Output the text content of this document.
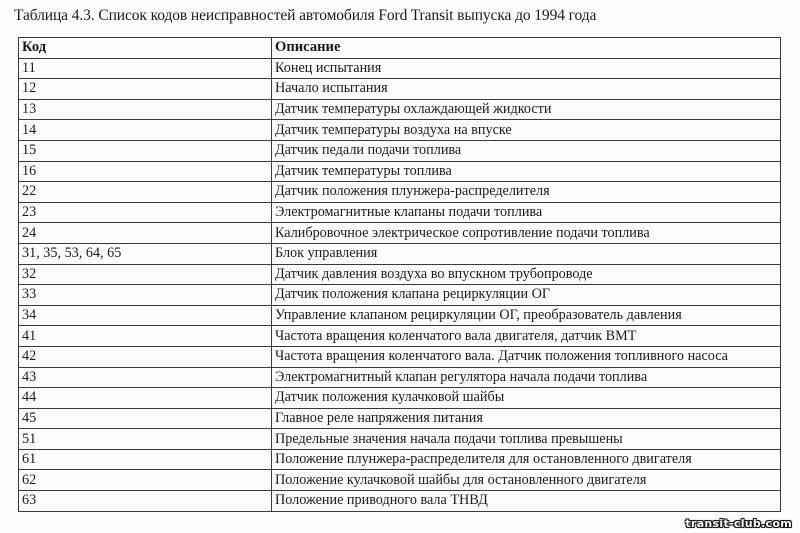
Таблица 4.3. Список кодов неисправностей автомобиля Ford Transit выпуска до 1994 года
Код	Описание
11	Конец испытания
12	Начало испытания
13	Датчик температуры охлаждающей жидкости
14	Датчик температуры воздуха на впуске
15	Датчик педали подачи топлива
16	Датчик температуры топлива
22	Датчик положения плунжера-распределителя
23	Электромагнитные клапаны подачи топлива
24	Калибровочное электрическое сопротивление подачи топлива
31, 35, 53, 64, 65	Блок управления
32	Датчик давления воздуха во впускном трубопроводе
33	Датчик положения клапана рециркуляции ОГ
34	Управление клапаном рециркуляции ОГ, преобразователь давления
41	Частота вращения коленчатого вала двигателя, датчик ВМТ
42	Частота вращения коленчатого вала. Датчик положения топливного насоса
43	Электромагнитный клапан регулятора начала подачи топлива
44	Датчик положения кулачковой шайбы
45	Главное реле напряжения питания
51	Предельные значения начала подачи топлива превышены
61	Положение плунжера-распределителя для остановленного двигателя
62	Положение кулачковой шайбы для остановленного двигателя
63	Положение приводного вала ТНВД
transit-club.com
